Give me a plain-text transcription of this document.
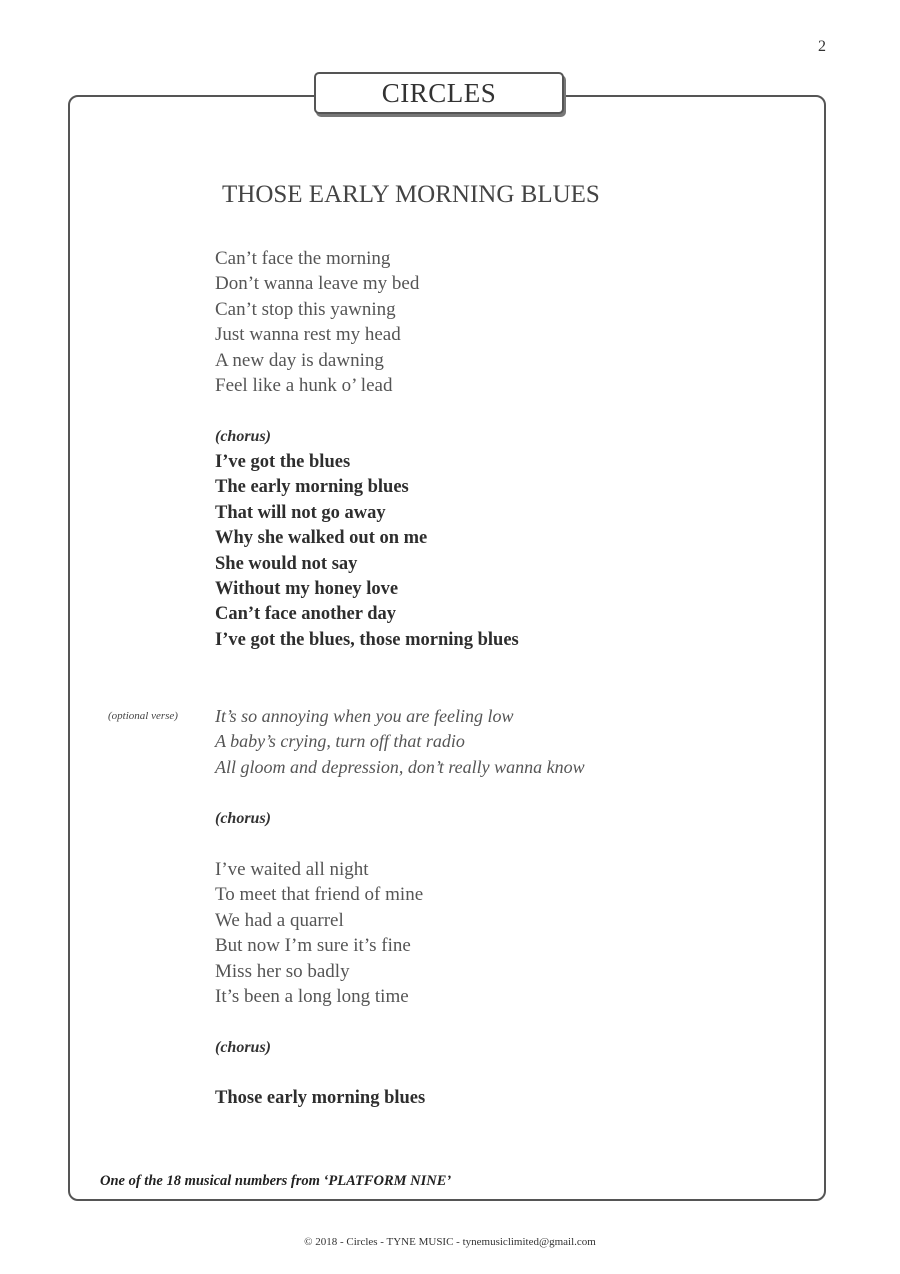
2
CIRCLES
THOSE EARLY MORNING BLUES
Can’t face the morning
Don’t wanna leave my bed
Can’t stop this yawning
Just wanna rest my head
A new day is dawning
Feel like a hunk o’ lead
(chorus)
I’ve got the blues
The early morning blues
That will not go away
Why she walked out on me
She would not say
Without my honey love
Can’t face another day
I’ve got the blues, those morning blues
(optional verse) It’s so annoying when you are feeling low
A baby’s crying, turn off that radio
All gloom and depression, don’t really wanna know
(chorus)
I’ve waited all night
To meet that friend of mine
We had a quarrel
But now I’m sure it’s fine
Miss her so badly
It’s been a long long time
(chorus)
Those early morning blues
One of the 18 musical numbers from ‘PLATFORM NINE’
© 2018 - Circles - TYNE MUSIC - tynemusiclimited@gmail.com
